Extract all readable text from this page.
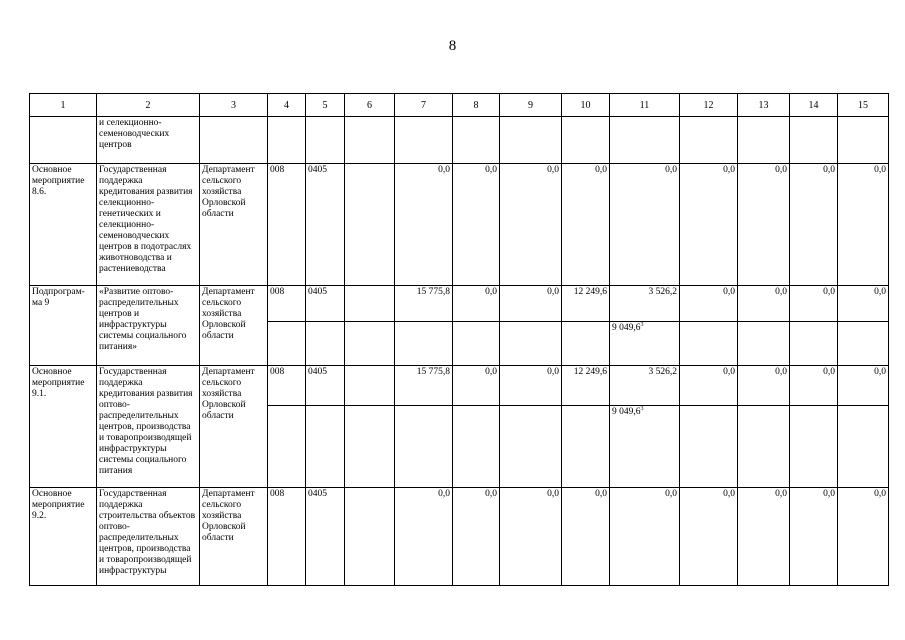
8
1	2	3	4	5	6	7	8	9	10	11	12	13	14	15
	и селекционно-семеноводческих центров													
Основное мероприятие 8.6.	Государственная поддержка кредитования развития селекционно-генетических и селекционно-семеноводческих центров в подотраслях животноводства и растениеводства	Департамент сельского хозяйства Орловской области	008	0405		0,0	0,0	0,0	0,0	0,0	0,0	0,0	0,0	0,0
Подпрограм-ма 9	«Развитие оптово-распределительных центров и инфраструктуры системы социального питания»	Департамент сельского хозяйства Орловской области	008	0405		15 775,8	0,0	0,0	12 249,6	3 526,2	0,0	0,0	0,0	0,0
										9 049,6$^3$				
Основное мероприятие 9.1.	Государственная поддержка кредитования развития оптово-распределительных центров, производства и товаропроизводящей инфраструктуры системы социального питания	Департамент сельского хозяйства Орловской области	008	0405		15 775,8	0,0	0,0	12 249,6	3 526,2	0,0	0,0	0,0	0,0
										9 049,6$^3$				
Основное мероприятие 9.2.	Государственная поддержка строительства объектов оптово-распределительных центров, производства и товаропроизводящей инфраструктуры	Департамент сельского хозяйства Орловской области	008	0405		0,0	0,0	0,0	0,0	0,0	0,0	0,0	0,0	0,0
